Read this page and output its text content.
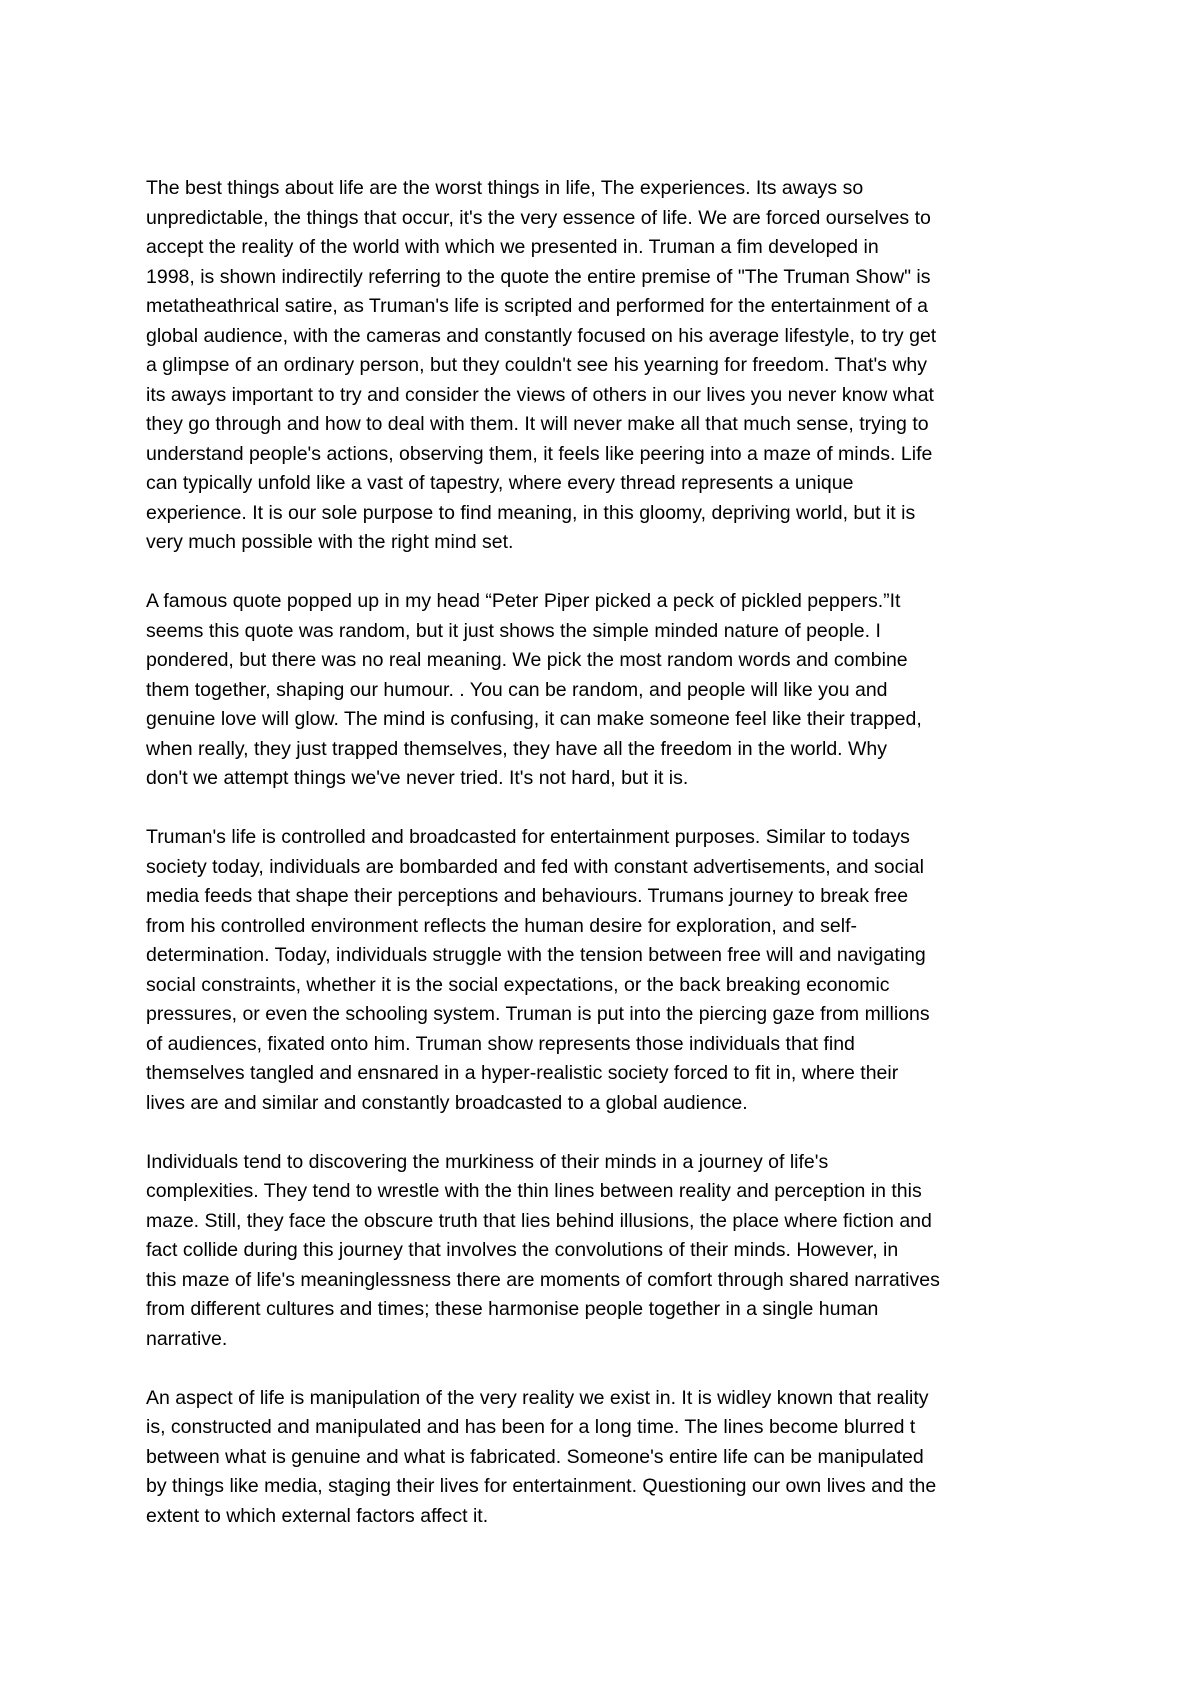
The best things about life are the worst things in life, The experiences. Its aways so
unpredictable, the things that occur, it's the very essence of life. We are forced ourselves to
accept the reality of the world with which we presented in. Truman a fim developed in
1998, is shown indirectily referring to the quote the entire premise of "The Truman Show" is
metatheathrical satire, as Truman's life is scripted and performed for the entertainment of a
global audience, with the cameras and constantly focused on his average lifestyle, to try get
a glimpse of an ordinary person, but they couldn't see his yearning for freedom. That's why
its aways important to try and consider the views of others in our lives you never know what
they go through and how to deal with them. It will never make all that much sense, trying to
understand people's actions, observing them, it feels like peering into a maze of minds. Life
can typically unfold like a vast of tapestry, where every thread represents a unique
experience. It is our sole purpose to find meaning, in this gloomy, depriving world, but it is
very much possible with the right mind set.

A famous quote popped up in my head “Peter Piper picked a peck of pickled peppers.”It
seems this quote was random, but it just shows the simple minded nature of people. I
pondered, but there was no real meaning. We pick the most random words and combine
them together, shaping our humour. . You can be random, and people will like you and
genuine love will glow. The mind is confusing, it can make someone feel like their trapped,
when really, they just trapped themselves, they have all the freedom in the world. Why
don't we attempt things we've never tried. It's not hard, but it is.

Truman's life is controlled and broadcasted for entertainment purposes. Similar to todays
society today, individuals are bombarded and fed with constant advertisements, and social
media feeds that shape their perceptions and behaviours. Trumans journey to break free
from his controlled environment reflects the human desire for exploration, and self-
determination. Today, individuals struggle with the tension between free will and navigating
social constraints, whether it is the social expectations, or the back breaking economic
pressures, or even the schooling system. Truman is put into the piercing gaze from millions
of audiences, fixated onto him. Truman show represents those individuals that find
themselves tangled and ensnared in a hyper-realistic society forced to fit in, where their
lives are and similar and constantly broadcasted to a global audience.

Individuals tend to discovering the murkiness of their minds in a journey of life's
complexities. They tend to wrestle with the thin lines between reality and perception in this
maze. Still, they face the obscure truth that lies behind illusions, the place where fiction and
fact collide during this journey that involves the convolutions of their minds. However, in
this maze of life's meaninglessness there are moments of comfort through shared narratives
from different cultures and times; these harmonise people together in a single human
narrative.

An aspect of life is manipulation of the very reality we exist in. It is widley known that reality
is, constructed and manipulated and has been for a long time. The lines become blurred t
between what is genuine and what is fabricated. Someone's entire life can be manipulated
by things like media, staging their lives for entertainment. Questioning our own lives and the
extent to which external factors affect it.
